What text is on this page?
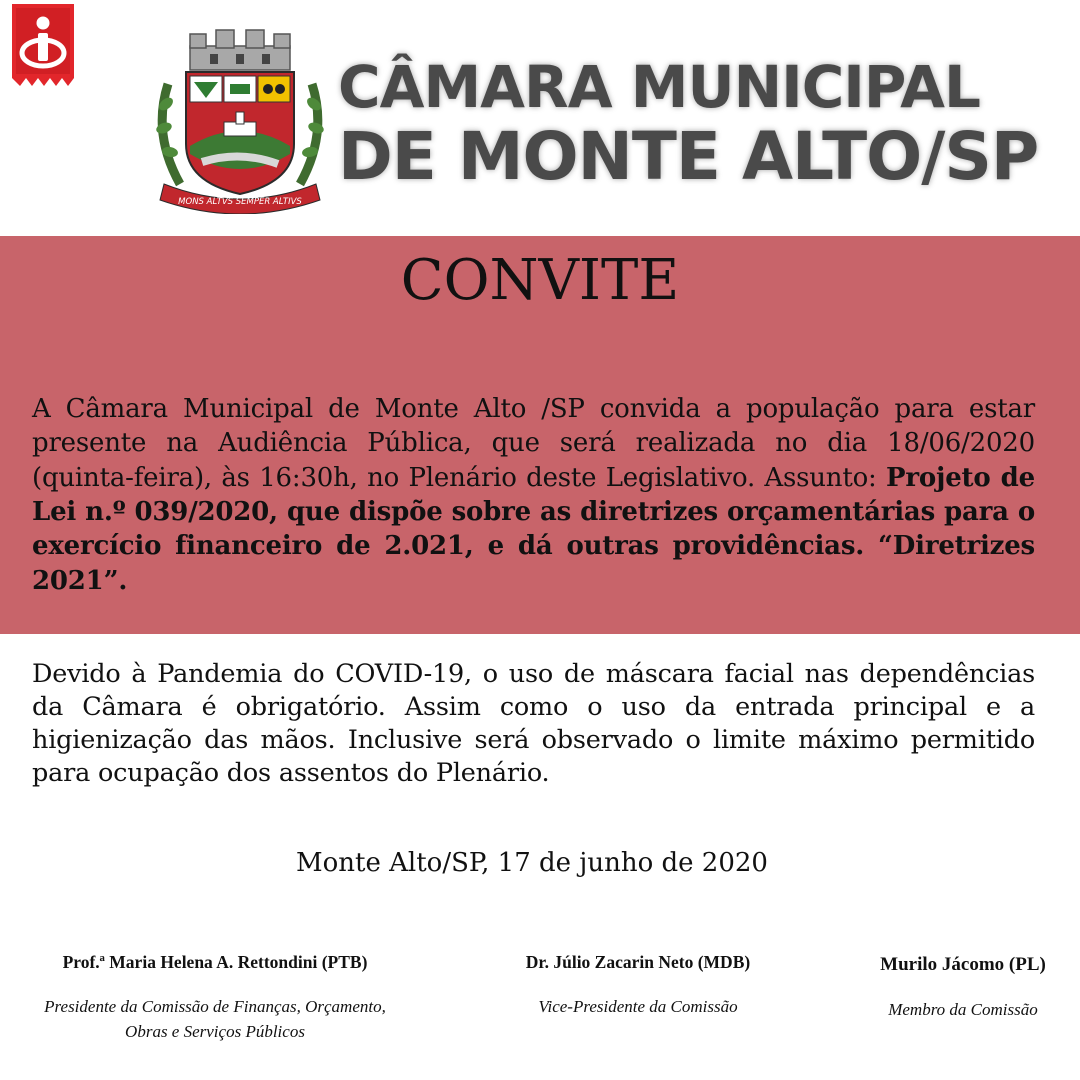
MONS ALTVS SEMPER ALTIVS
CÂMARA MUNICIPAL
DE MONTE ALTO/SP
CONVITE
A Câmara Municipal de Monte Alto /SP convida a população para estar presente na Audiência Pública, que será realizada no dia 18/06/2020 (quinta-feira), às 16:30h, no Plenário deste Legislativo. Assunto: Projeto de Lei n.º 039/2020, que dispõe sobre as diretrizes orçamentárias para o exercício financeiro de 2.021, e dá outras providências. “Diretrizes 2021”.
Devido à Pandemia do COVID-19, o uso de máscara facial nas dependências da Câmara é obrigatório. Assim como o uso da entrada principal e a higienização das mãos. Inclusive será observado o limite máximo permitido para ocupação dos assentos do Plenário.
Monte Alto/SP, 17 de junho de 2020
Prof.ª Maria Helena A. Rettondini (PTB)
Presidente da Comissão de Finanças, Orçamento,
Obras e Serviços Públicos
Dr. Júlio Zacarin Neto (MDB)
Vice-Presidente da Comissão
Murilo Jácomo (PL)
Membro da Comissão
